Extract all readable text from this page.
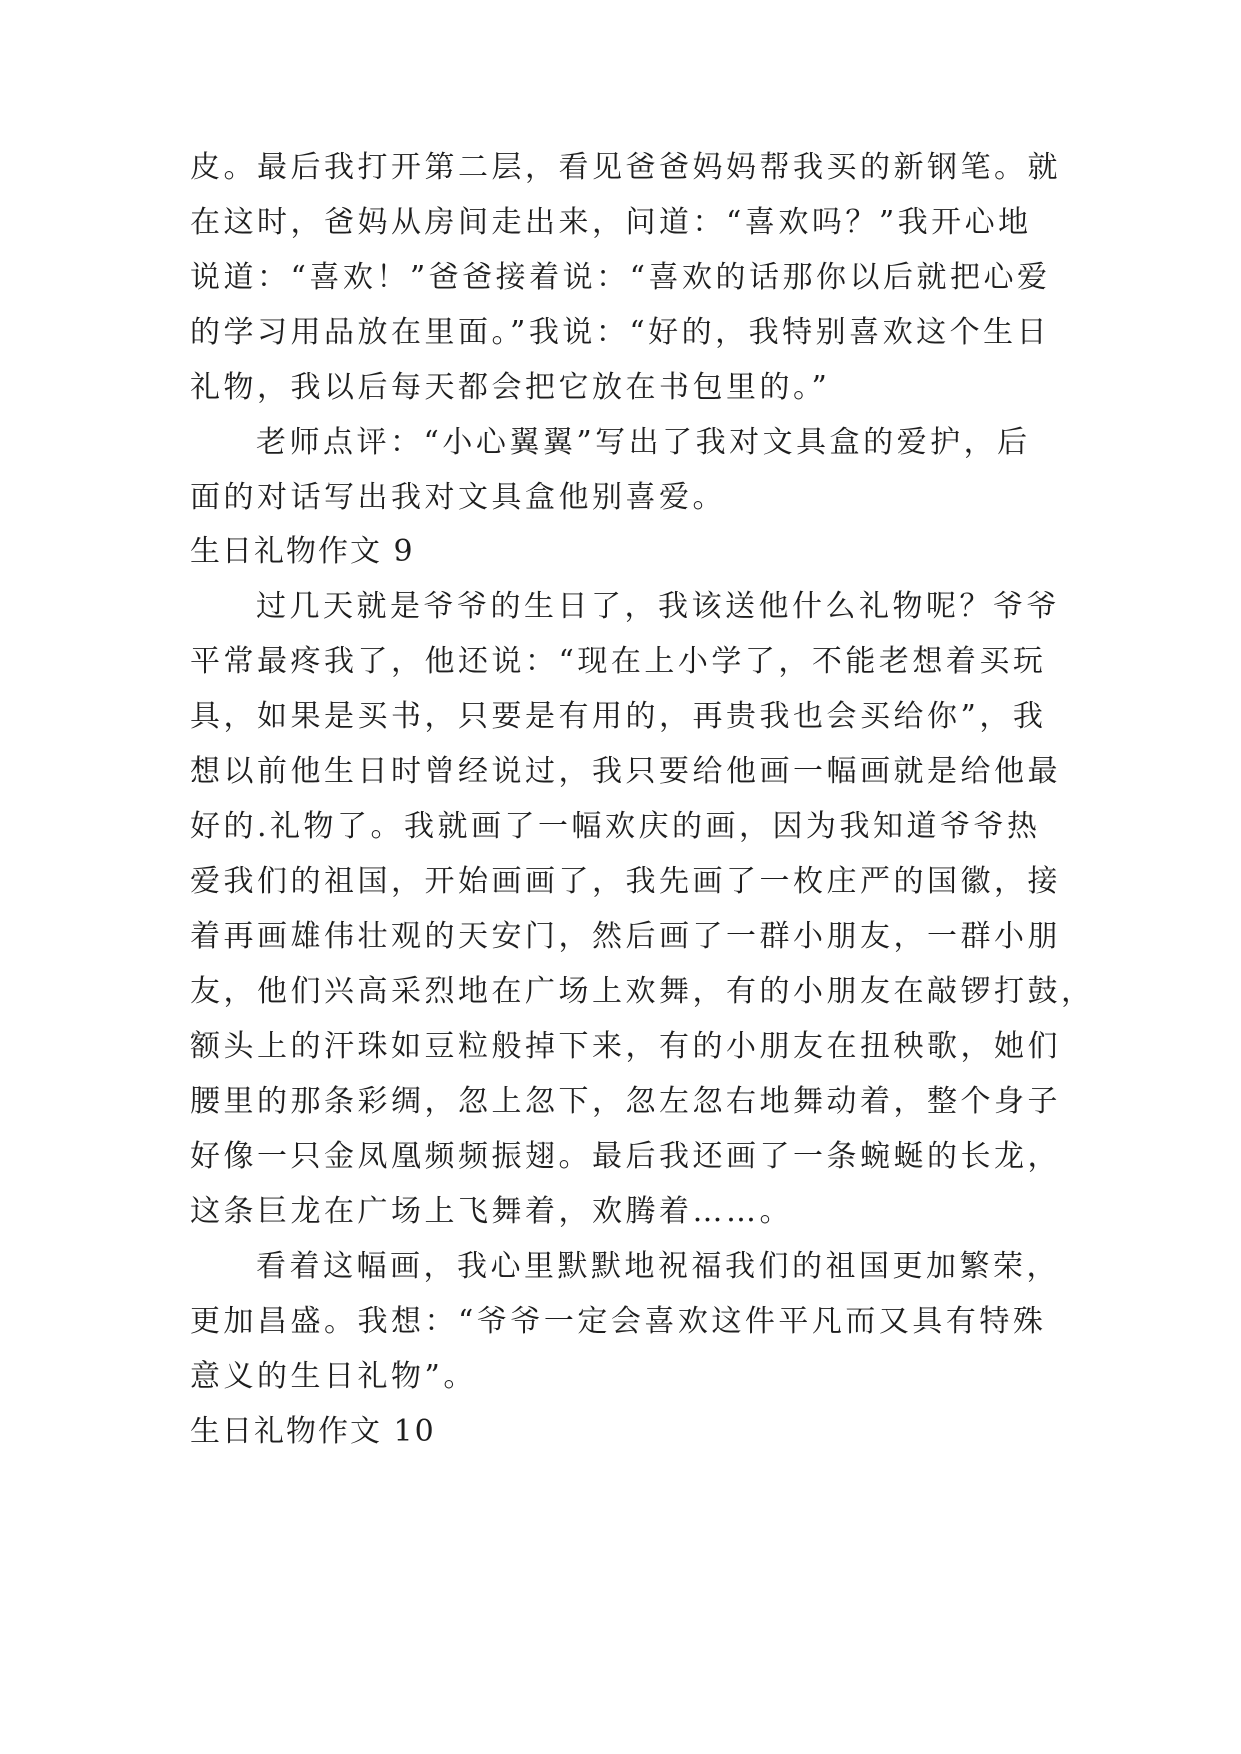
皮。最后我打开第二层，看见爸爸妈妈帮我买的新钢笔。就
在这时，爸妈从房间走出来，问道：“喜欢吗？”我开心地
说道：“喜欢！”爸爸接着说：“喜欢的话那你以后就把心爱
的学习用品放在里面。”我说：“好的，我特别喜欢这个生日
礼物，我以后每天都会把它放在书包里的。”
老师点评：“小心翼翼”写出了我对文具盒的爱护，后
面的对话写出我对文具盒他别喜爱。
生日礼物作文 9
过几天就是爷爷的生日了，我该送他什么礼物呢？爷爷
平常最疼我了，他还说：“现在上小学了，不能老想着买玩
具，如果是买书，只要是有用的，再贵我也会买给你”，我
想以前他生日时曾经说过，我只要给他画一幅画就是给他最
好的.礼物了。我就画了一幅欢庆的画，因为我知道爷爷热
爱我们的祖国，开始画画了，我先画了一枚庄严的国徽，接
着再画雄伟壮观的天安门，然后画了一群小朋友，一群小朋
友，他们兴高采烈地在广场上欢舞，有的小朋友在敲锣打鼓，
额头上的汗珠如豆粒般掉下来，有的小朋友在扭秧歌，她们
腰里的那条彩绸，忽上忽下，忽左忽右地舞动着，整个身子
好像一只金凤凰频频振翅。最后我还画了一条蜿蜒的长龙，
这条巨龙在广场上飞舞着，欢腾着……。
看着这幅画，我心里默默地祝福我们的祖国更加繁荣，
更加昌盛。我想：“爷爷一定会喜欢这件平凡而又具有特殊
意义的生日礼物”。
生日礼物作文 10
